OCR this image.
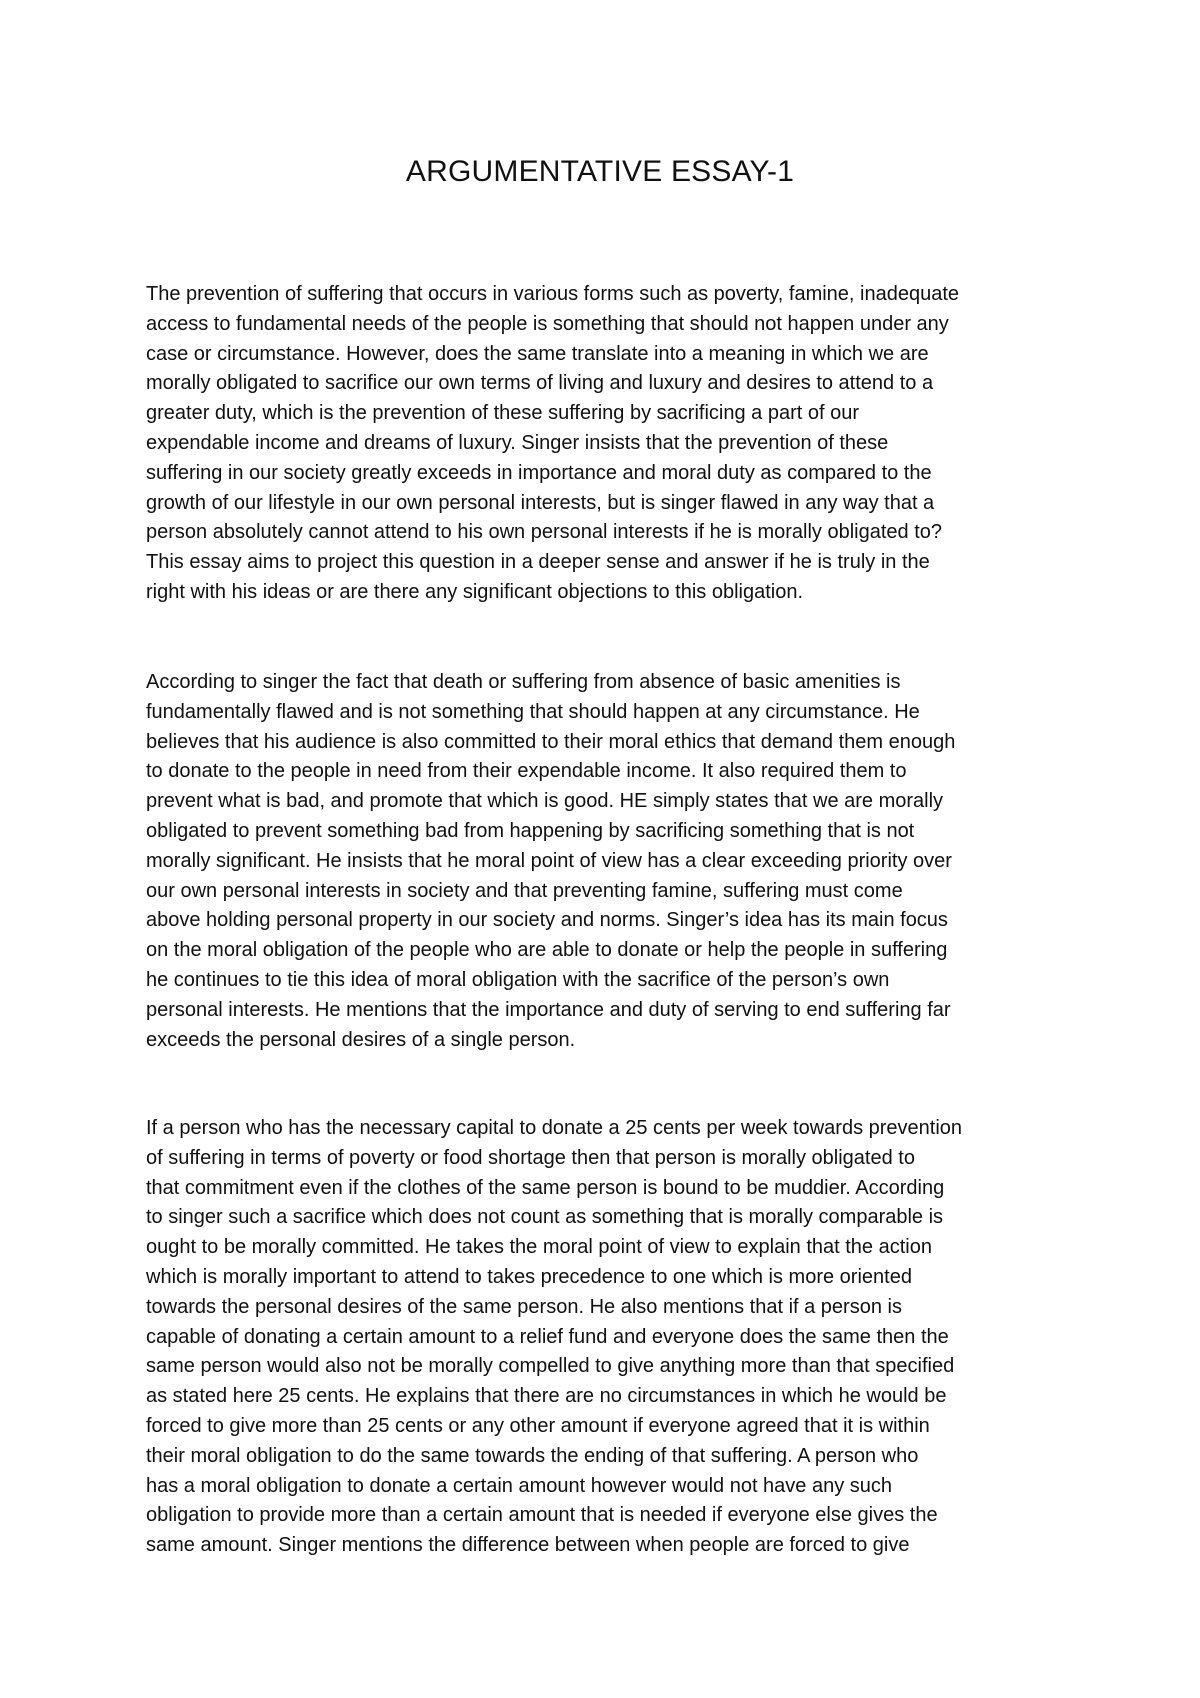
ARGUMENTATIVE ESSAY-1
The prevention of suffering that occurs in various forms such as poverty, famine, inadequate
access to fundamental needs of the people is something that should not happen under any
case or circumstance. However, does the same translate into a meaning in which we are
morally obligated to sacrifice our own terms of living and luxury and desires to attend to a
greater duty, which is the prevention of these suffering by sacrificing a part of our
expendable income and dreams of luxury. Singer insists that the prevention of these
suffering in our society greatly exceeds in importance and moral duty as compared to the
growth of our lifestyle in our own personal interests, but is singer flawed in any way that a
person absolutely cannot attend to his own personal interests if he is morally obligated to?
This essay aims to project this question in a deeper sense and answer if he is truly in the
right with his ideas or are there any significant objections to this obligation.
According to singer the fact that death or suffering from absence of basic amenities is
fundamentally flawed and is not something that should happen at any circumstance. He
believes that his audience is also committed to their moral ethics that demand them enough
to donate to the people in need from their expendable income. It also required them to
prevent what is bad, and promote that which is good. HE simply states that we are morally
obligated to prevent something bad from happening by sacrificing something that is not
morally significant. He insists that he moral point of view has a clear exceeding priority over
our own personal interests in society and that preventing famine, suffering must come
above holding personal property in our society and norms. Singer’s idea has its main focus
on the moral obligation of the people who are able to donate or help the people in suffering
he continues to tie this idea of moral obligation with the sacrifice of the person’s own
personal interests. He mentions that the importance and duty of serving to end suffering far
exceeds the personal desires of a single person.
If a person who has the necessary capital to donate a 25 cents per week towards prevention
of suffering in terms of poverty or food shortage then that person is morally obligated to
that commitment even if the clothes of the same person is bound to be muddier. According
to singer such a sacrifice which does not count as something that is morally comparable is
ought to be morally committed. He takes the moral point of view to explain that the action
which is morally important to attend to takes precedence to one which is more oriented
towards the personal desires of the same person. He also mentions that if a person is
capable of donating a certain amount to a relief fund and everyone does the same then the
same person would also not be morally compelled to give anything more than that specified
as stated here 25 cents. He explains that there are no circumstances in which he would be
forced to give more than 25 cents or any other amount if everyone agreed that it is within
their moral obligation to do the same towards the ending of that suffering. A person who
has a moral obligation to donate a certain amount however would not have any such
obligation to provide more than a certain amount that is needed if everyone else gives the
same amount. Singer mentions the difference between when people are forced to give
